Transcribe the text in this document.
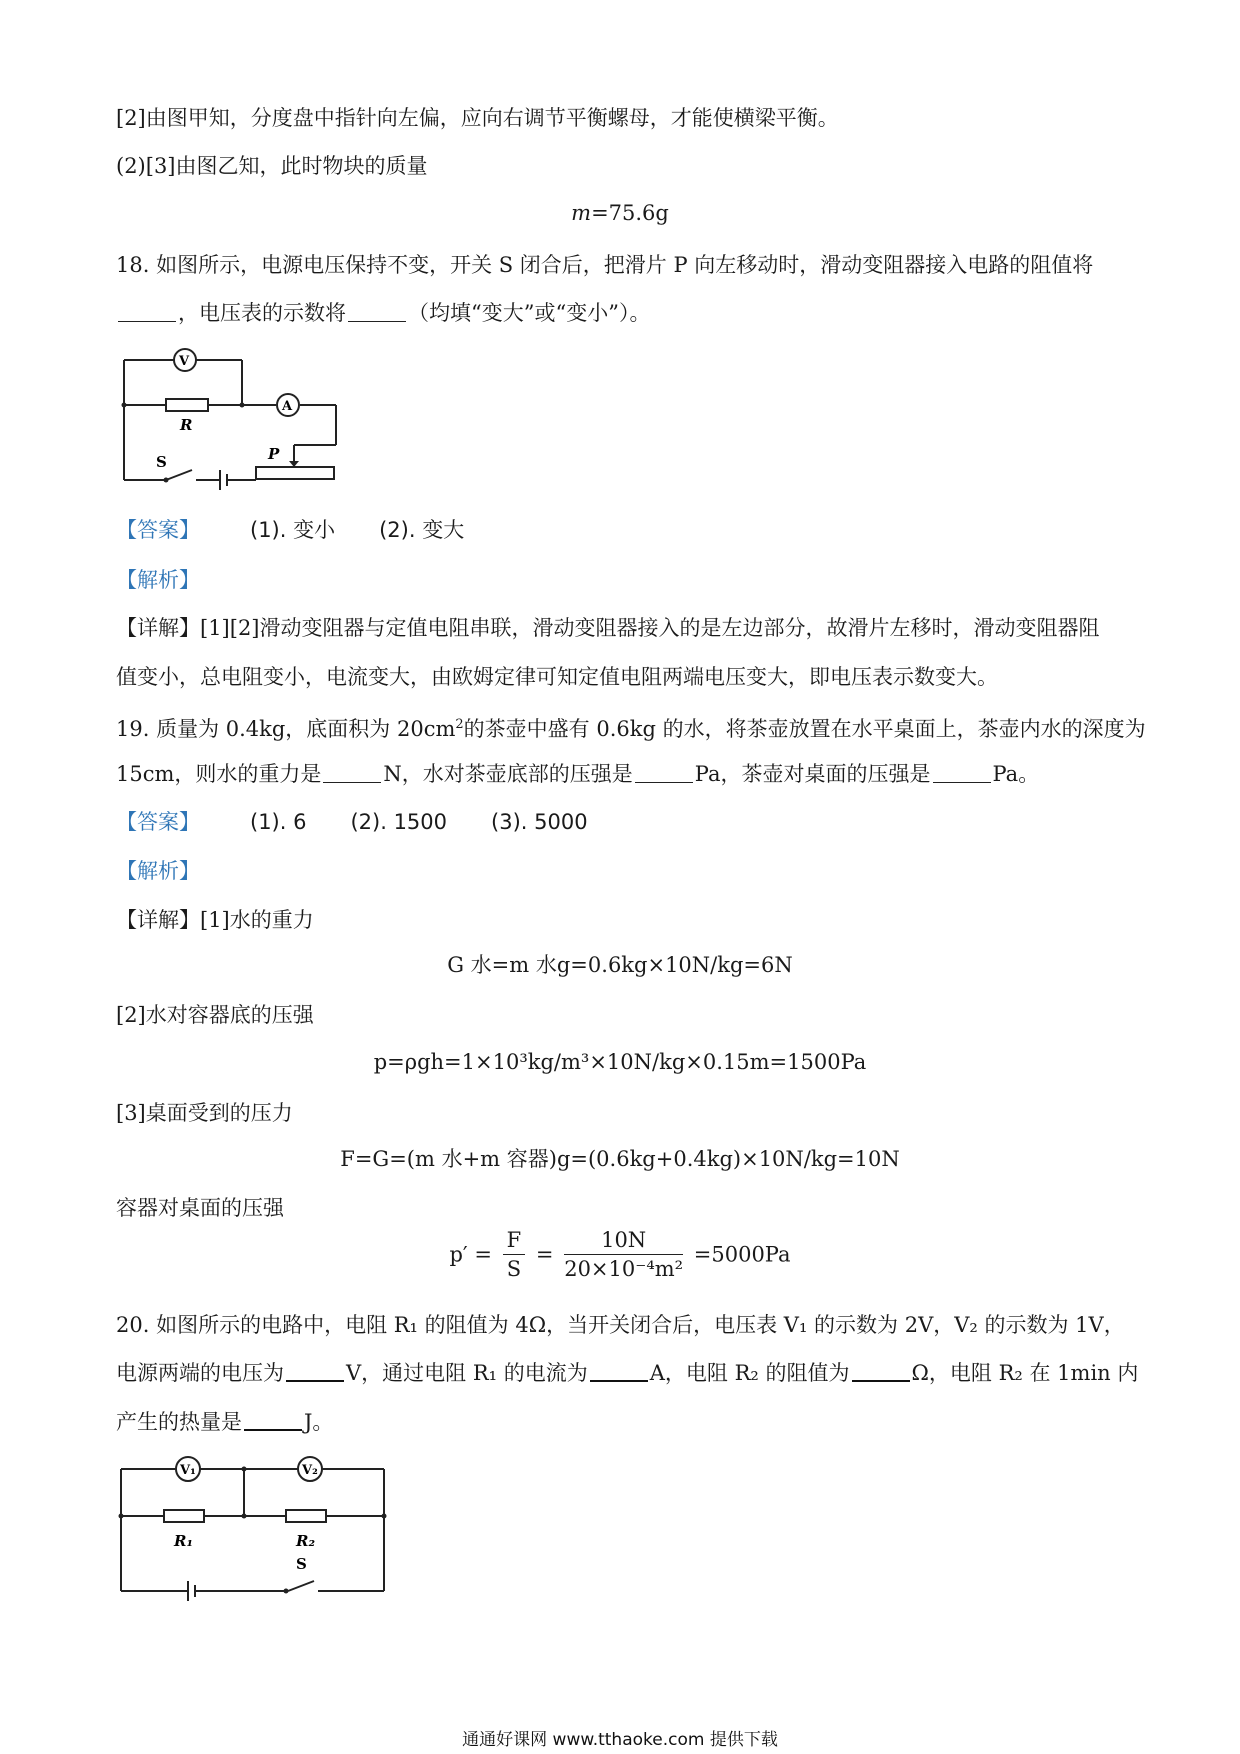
[2]由图甲知，分度盘中指针向左偏，应向右调节平衡螺母，才能使横梁平衡。
(2)[3]由图乙知，此时物块的质量
m=75.6g
18. 如图所示，电源电压保持不变，开关 S 闭合后，把滑片 P 向左移动时，滑动变阻器接入电路的阻值将
，电压表的示数将	（均填“变大”或“变小”）。
V
A
R
S	P
【答案】 (1). 变小 (2). 变大
【解析】
【详解】[1][2]滑动变阻器与定值电阻串联，滑动变阻器接入的是左边部分，故滑片左移时，滑动变阻器阻
值变小，总电阻变小，电流变大，由欧姆定律可知定值电阻两端电压变大，即电压表示数变大。
19. 质量为 0.4kg，底面积为 $20cm^2$的茶壶中盛有 0.6kg 的水，将茶壶放置在水平桌面上，茶壶内水的深度为
15cm，则水的重力是	N，水对茶壶底部的压强是	Pa，茶壶对桌面的压强是	Pa。
【答案】 (1). 6 (2). 1500 (3). 5000
【解析】
【详解】[1]水的重力
G 水=m 水g=0.6kg×10N/kg=6N
[2]水对容器底的压强
p=ρgh=1×10³kg/m³×10N/kg×0.15m=1500Pa
[3]桌面受到的压力
F=G=(m 水+m 容器)g=(0.6kg+0.4kg)×10N/kg=10N
容器对桌面的压强
$p' = \frac{F}{S} = \frac{10N}{\text{20×10⁻⁴m²}} =5000Pa$
20. 如图所示的电路中，电阻 R₁ 的阻值为 4Ω，当开关闭合后，电压表 V₁ 的示数为 2V，V₂ 的示数为 1V，
电源两端的电压为	V，通过电阻 R₁ 的电流为	A，电阻 R₂ 的阻值为	Ω，电阻 R₂ 在 1min 内
产生的热量是	J。
V₁	V₂
R₁	R₂
S
通通好课网 www.tthaoke.com 提供下载
